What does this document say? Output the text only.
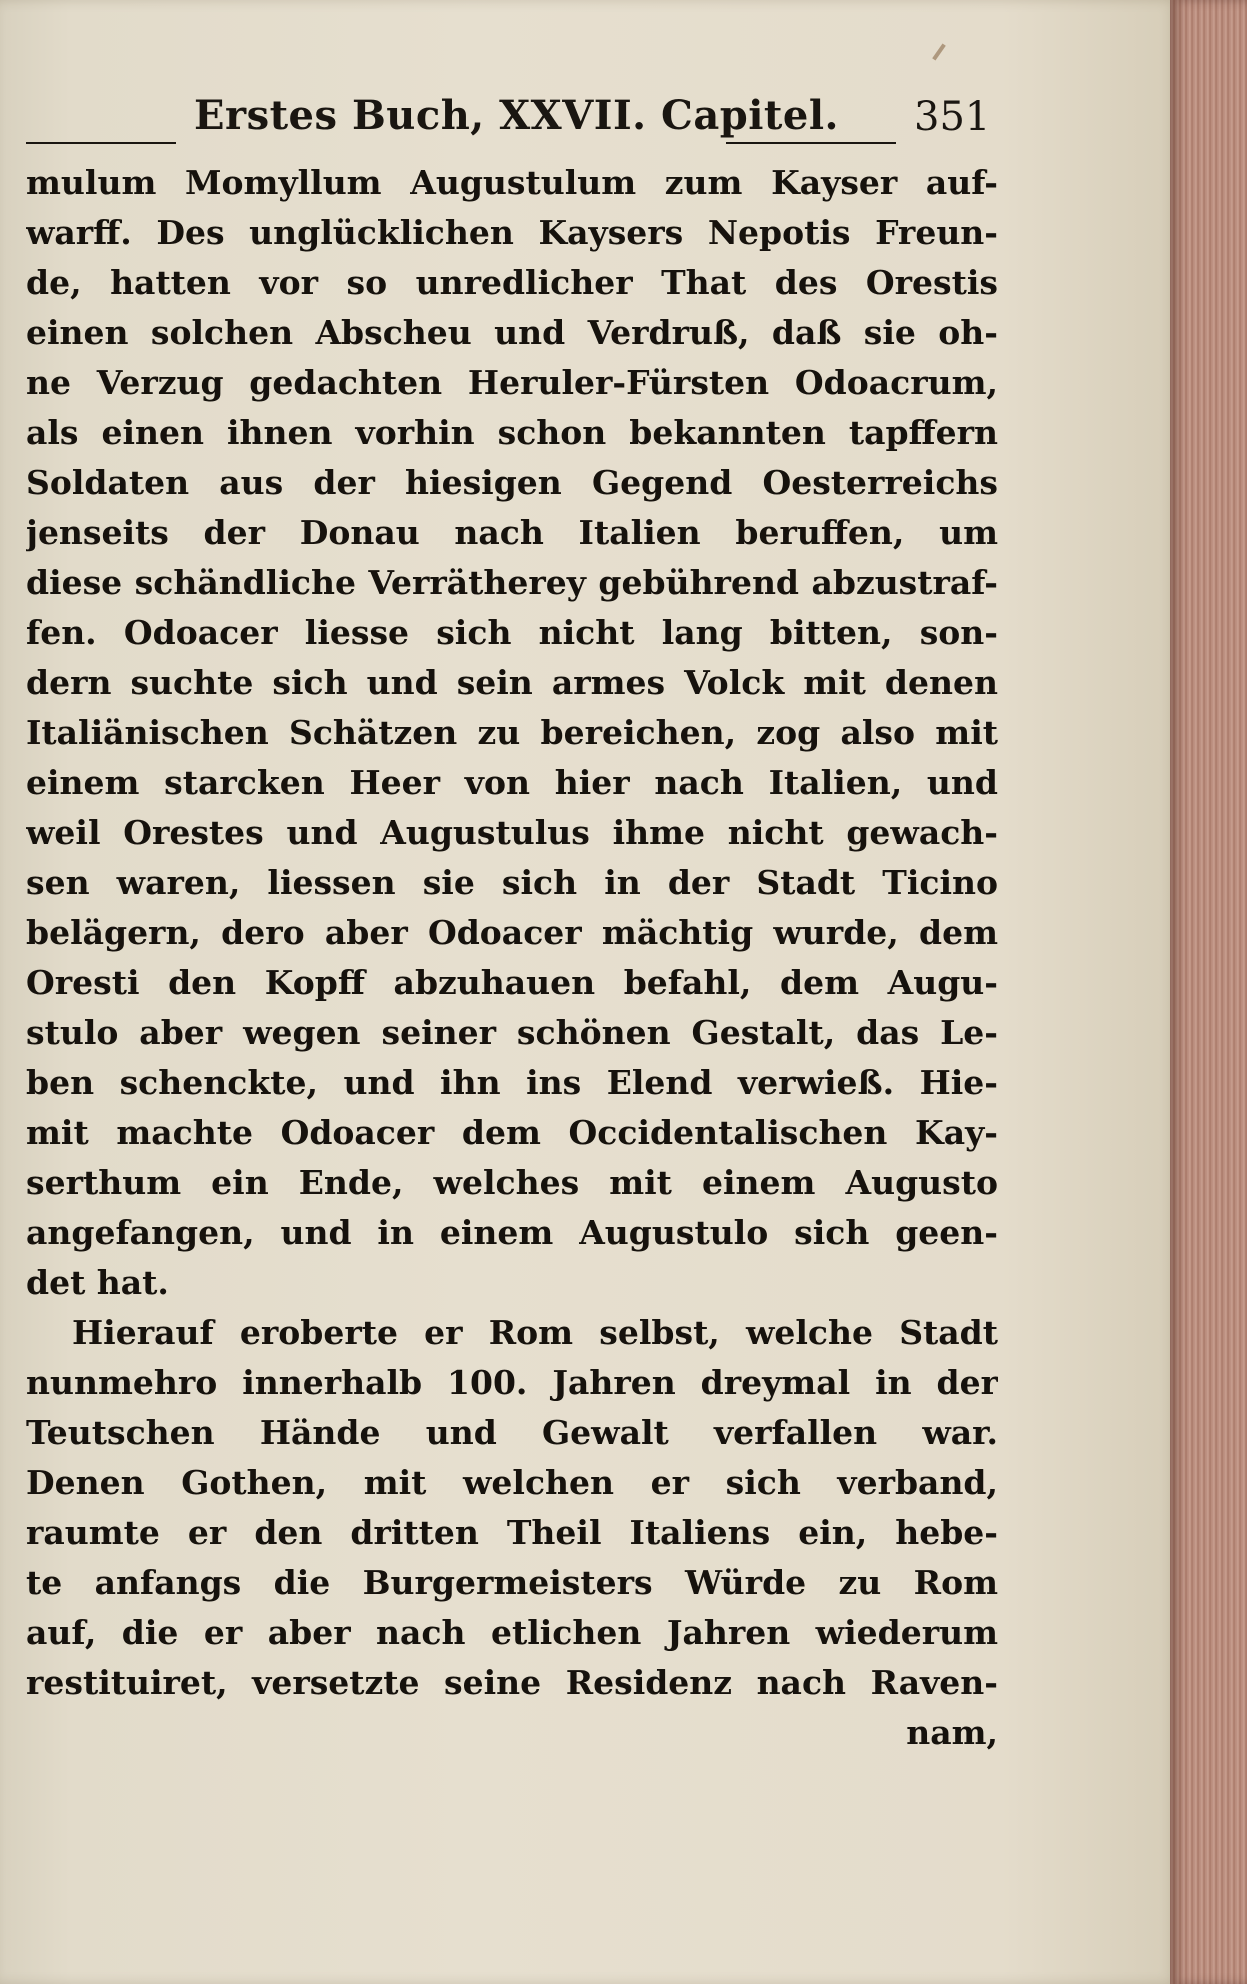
Erstes Buch, XXVII. Capitel. 351
mulum Momyllum Augustulum zum Kayser auf-
warff. Des unglücklichen Kaysers Nepotis Freun-
de, hatten vor so unredlicher That des Orestis
einen solchen Abscheu und Verdruß, daß sie oh-
ne Verzug gedachten Heruler-Fürsten Odoacrum,
als einen ihnen vorhin schon bekannten tapffern
Soldaten aus der hiesigen Gegend Oesterreichs
jenseits der Donau nach Italien beruffen, um
diese schändliche Verrätherey gebührend abzustraf-
fen. Odoacer liesse sich nicht lang bitten, son-
dern suchte sich und sein armes Volck mit denen
Italiänischen Schätzen zu bereichen, zog also mit
einem starcken Heer von hier nach Italien, und
weil Orestes und Augustulus ihme nicht gewach-
sen waren, liessen sie sich in der Stadt Ticino
belägern, dero aber Odoacer mächtig wurde, dem
Oresti den Kopff abzuhauen befahl, dem Augu-
stulo aber wegen seiner schönen Gestalt, das Le-
ben schenckte, und ihn ins Elend verwieß. Hie-
mit machte Odoacer dem Occidentalischen Kay-
serthum ein Ende, welches mit einem Augusto
angefangen, und in einem Augustulo sich geen-
det hat.
Hierauf eroberte er Rom selbst, welche Stadt
nunmehro innerhalb 100. Jahren dreymal in der
Teutschen Hände und Gewalt verfallen war.
Denen Gothen, mit welchen er sich verband,
raumte er den dritten Theil Italiens ein, hebe-
te anfangs die Burgermeisters Würde zu Rom
auf, die er aber nach etlichen Jahren wiederum
restituiret, versetzte seine Residenz nach Raven-
nam,
